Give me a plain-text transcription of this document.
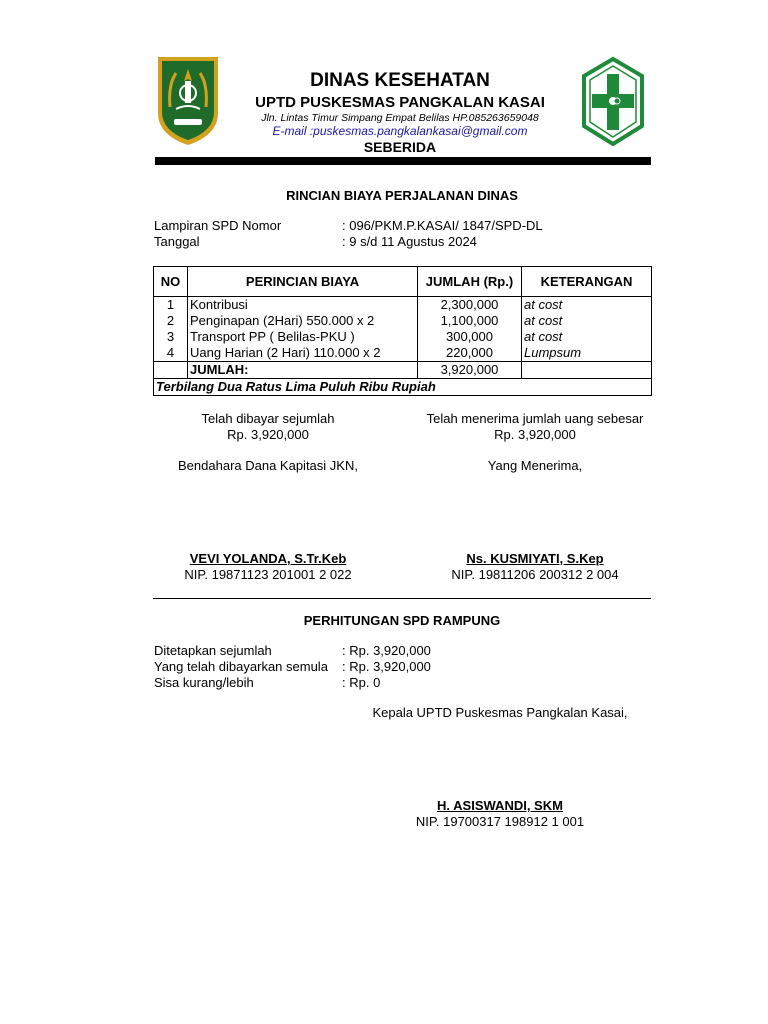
DINAS KESEHATAN
UPTD PUSKESMAS PANGKALAN KASAI
Jln. Lintas Timur Simpang Empat Belilas HP.085263659048
E-mail :puskesmas.pangkalankasai@gmail.com
SEBERIDA
RINCIAN BIAYA PERJALANAN DINAS
Lampiran SPD Nomor	: 096/PKM.P.KASAI/ 1847/SPD-DL
Tanggal	: 9 s/d 11 Agustus 2024
NO	PERINCIAN BIAYA	JUMLAH (Rp.)	KETERANGAN
1	Kontribusi	2,300,000	at cost
2	Penginapan (2Hari) 550.000 x 2	1,100,000	at cost
3	Transport PP ( Belilas-PKU )	300,000	at cost
4	Uang Harian (2 Hari) 110.000 x 2	220,000	Lumpsum
	JUMLAH:	3,920,000	
Terbilang Dua Ratus Lima Puluh Ribu Rupiah			
Telah dibayar sejumlah
Rp. 3,920,000
Bendahara Dana Kapitasi JKN,
VEVI YOLANDA, S.Tr.Keb
NIP. 19871123 201001 2 022
Telah menerima jumlah uang sebesar
Rp. 3,920,000
Yang Menerima,
Ns. KUSMIYATI, S.Kep
NIP. 19811206 200312 2 004
PERHITUNGAN SPD RAMPUNG
Ditetapkan sejumlah	: Rp. 3,920,000
Yang telah dibayarkan semula : Rp. 3,920,000
Sisa kurang/lebih	: Rp. 0
Kepala UPTD Puskesmas Pangkalan Kasai,
H. ASISWANDI, SKM
NIP. 19700317 198912 1 001
